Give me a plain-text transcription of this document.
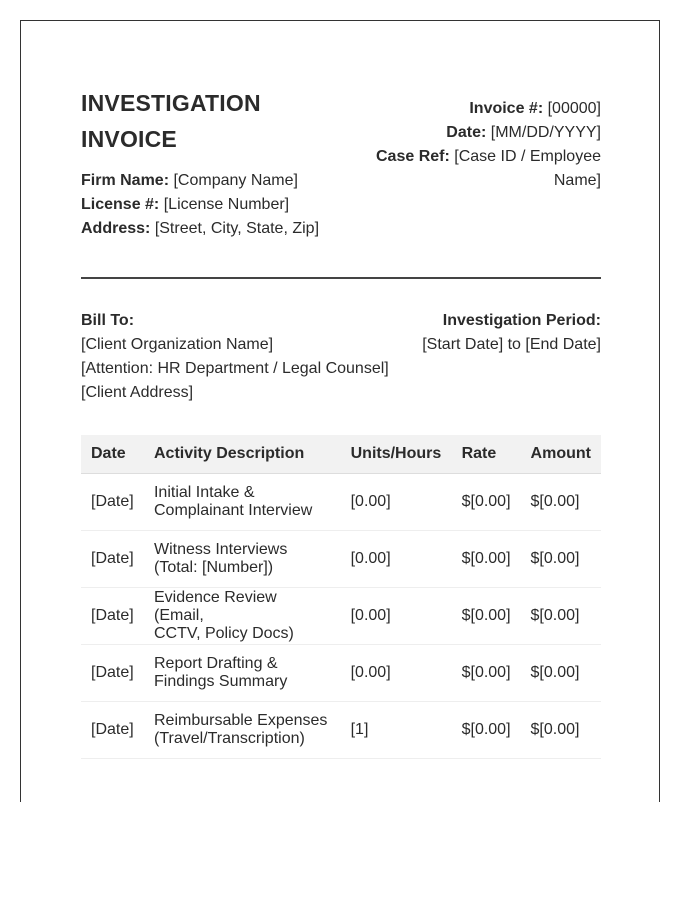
INVESTIGATION
INVOICE
Firm Name: [Company Name]
License #: [License Number]
Address: [Street, City, State, Zip]
Invoice #: [00000]
Date: [MM/DD/YYYY]
Case Ref: [Case ID / Employee
Name]
Bill To:
[Client Organization Name]
[Attention: HR Department / Legal Counsel]
[Client Address]
Investigation Period:
[Start Date] to [End Date]
Date	Activity Description	Units/Hours	Rate	Amount
[Date]	Initial Intake &
Complainant Interview	[0.00]	$[0.00]	$[0.00]
[Date]	Witness Interviews
(Total: [Number])	[0.00]	$[0.00]	$[0.00]
[Date]	Evidence Review (Email,
CCTV, Policy Docs)	[0.00]	$[0.00]	$[0.00]
[Date]	Report Drafting &
Findings Summary	[0.00]	$[0.00]	$[0.00]
[Date]	Reimbursable Expenses
(Travel/Transcription)	[1]	$[0.00]	$[0.00]
